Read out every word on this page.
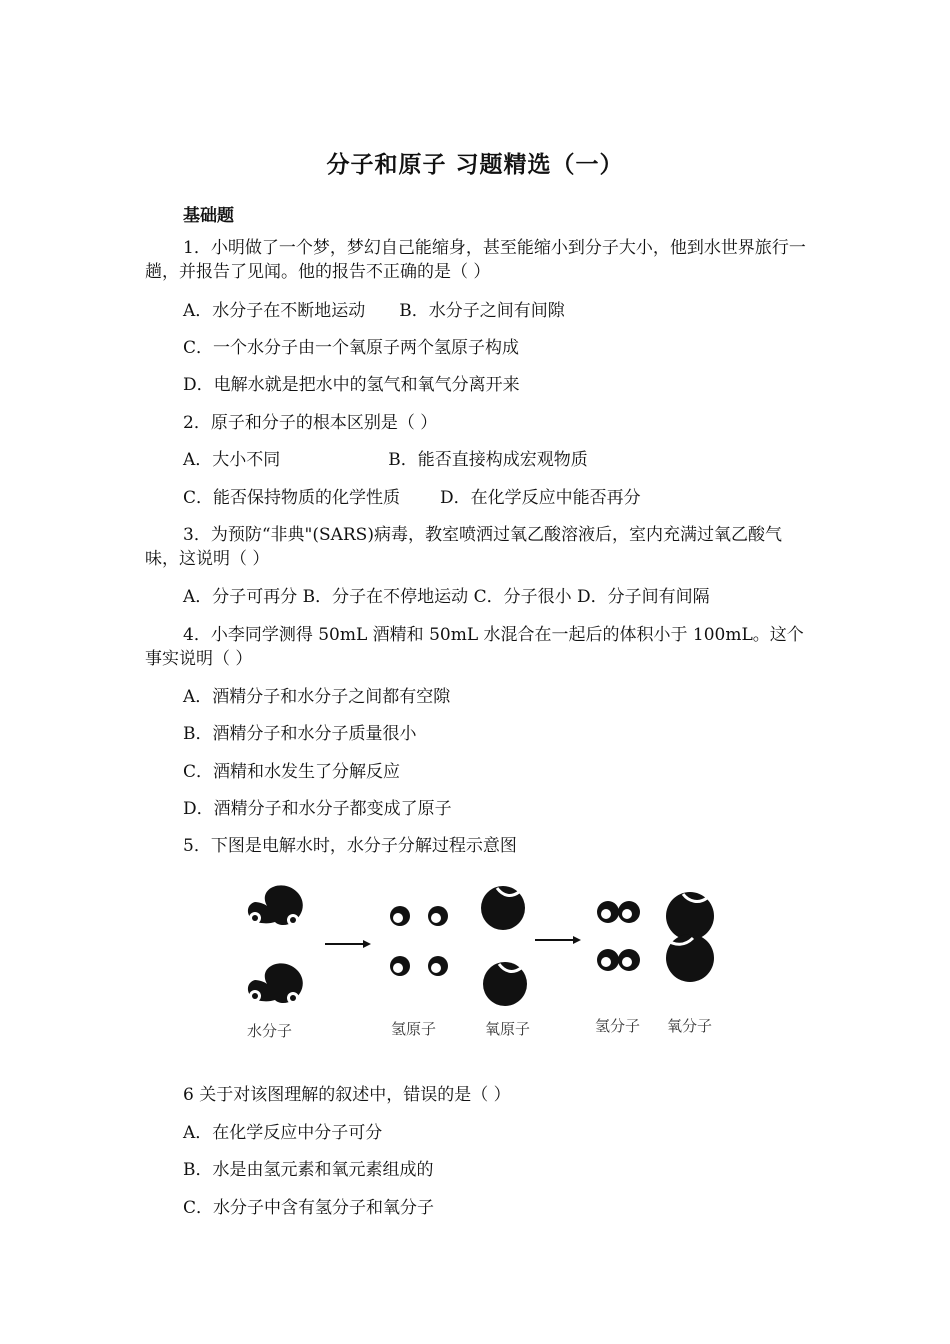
分子和原子 习题精选（一）
基础题
1．小明做了一个梦，梦幻自己能缩身，甚至能缩小到分子大小，他到水世界旅行一趟，并报告了见闻。他的报告不正确的是（ ）
A．水分子在不断地运动 B．水分子之间有间隙
C．一个水分子由一个氧原子两个氢原子构成
D．电解水就是把水中的氢气和氧气分离开来
2．原子和分子的根本区别是（ ）
A．大小不同	B．能否直接构成宏观物质
C．能否保持物质的化学性质 D．在化学反应中能否再分
3．为预防“非典"(SARS)病毒，教室喷洒过氧乙酸溶液后，室内充满过氧乙酸气味，这说明（ ）
A．分子可再分 B．分子在不停地运动 C．分子很小 D．分子间有间隔
4．小李同学测得 50mL 酒精和 50mL 水混合在一起后的体积小于 100mL。这个事实说明（ ）
A．酒精分子和水分子之间都有空隙
B．酒精分子和水分子质量很小
C．酒精和水发生了分解反应
D．酒精分子和水分子都变成了原子
5．下图是电解水时，水分子分解过程示意图
水分子	氢原子	氧原子	氢分子 氧分子
6 关于对该图理解的叙述中，错误的是（ ）
A．在化学反应中分子可分
B．水是由氢元素和氧元素组成的
C．水分子中含有氢分子和氧分子
